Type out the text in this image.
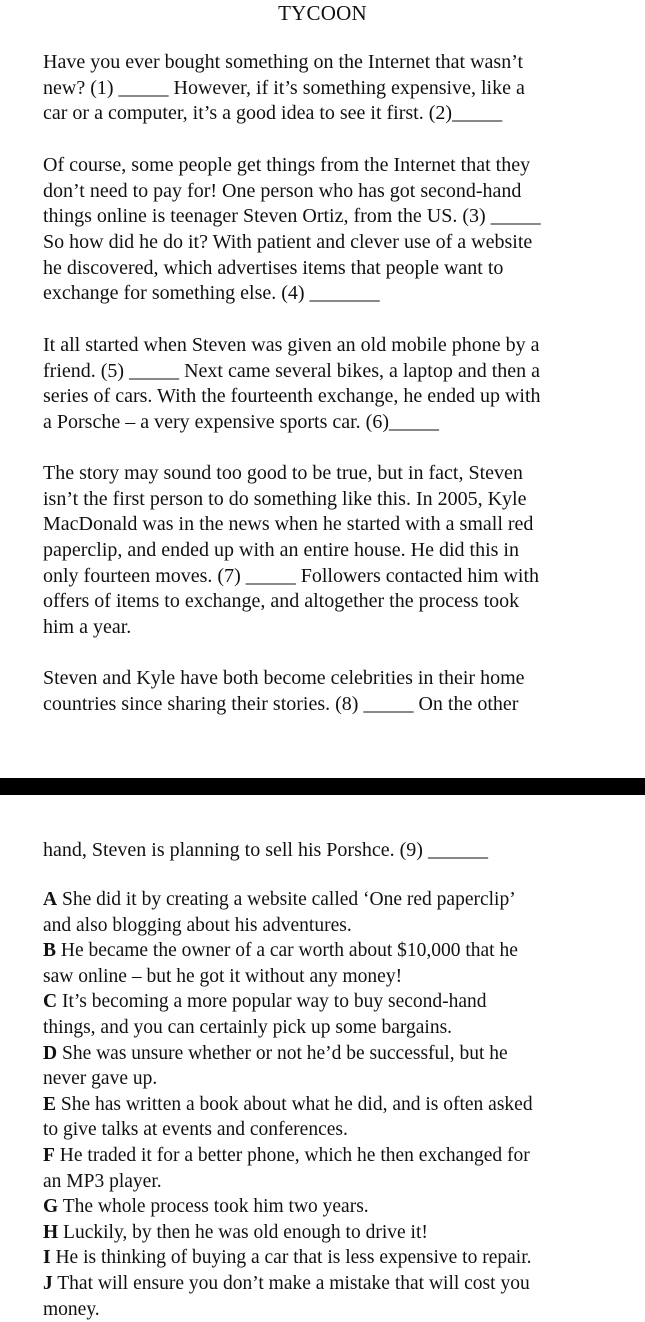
TYCOON

Have you ever bought something on the Internet that wasn’t
new? (1) _____ However, if it’s something expensive, like a
car or a computer, it’s a good idea to see it first. (2)_____

Of course, some people get things from the Internet that they
don’t need to pay for! One person who has got second-hand
things online is teenager Steven Ortiz, from the US. (3) _____
So how did he do it? With patient and clever use of a website
he discovered, which advertises items that people want to
exchange for something else. (4) _______

It all started when Steven was given an old mobile phone by a
friend. (5) _____ Next came several bikes, a laptop and then a
series of cars. With the fourteenth exchange, he ended up with
a Porsche – a very expensive sports car. (6)_____

The story may sound too good to be true, but in fact, Steven
isn’t the first person to do something like this. In 2005, Kyle
MacDonald was in the news when he started with a small red
paperclip, and ended up with an entire house. He did this in
only fourteen moves. (7) _____ Followers contacted him with
offers of items to exchange, and altogether the process took
him a year.

Steven and Kyle have both become celebrities in their home
countries since sharing their stories. (8) _____ On the other

hand, Steven is planning to sell his Porshce. (9) ______

A She did it by creating a website called ‘One red paperclip’
and also blogging about his adventures.
B He became the owner of a car worth about $10,000 that he
saw online – but he got it without any money!
C It’s becoming a more popular way to buy second-hand
things, and you can certainly pick up some bargains.
D She was unsure whether or not he’d be successful, but he
never gave up.
E She has written a book about what he did, and is often asked
to give talks at events and conferences.
F He traded it for a better phone, which he then exchanged for
an MP3 player.
G The whole process took him two years.
H Luckily, by then he was old enough to drive it!
I He is thinking of buying a car that is less expensive to repair.
J That will ensure you don’t make a mistake that will cost you
money.
